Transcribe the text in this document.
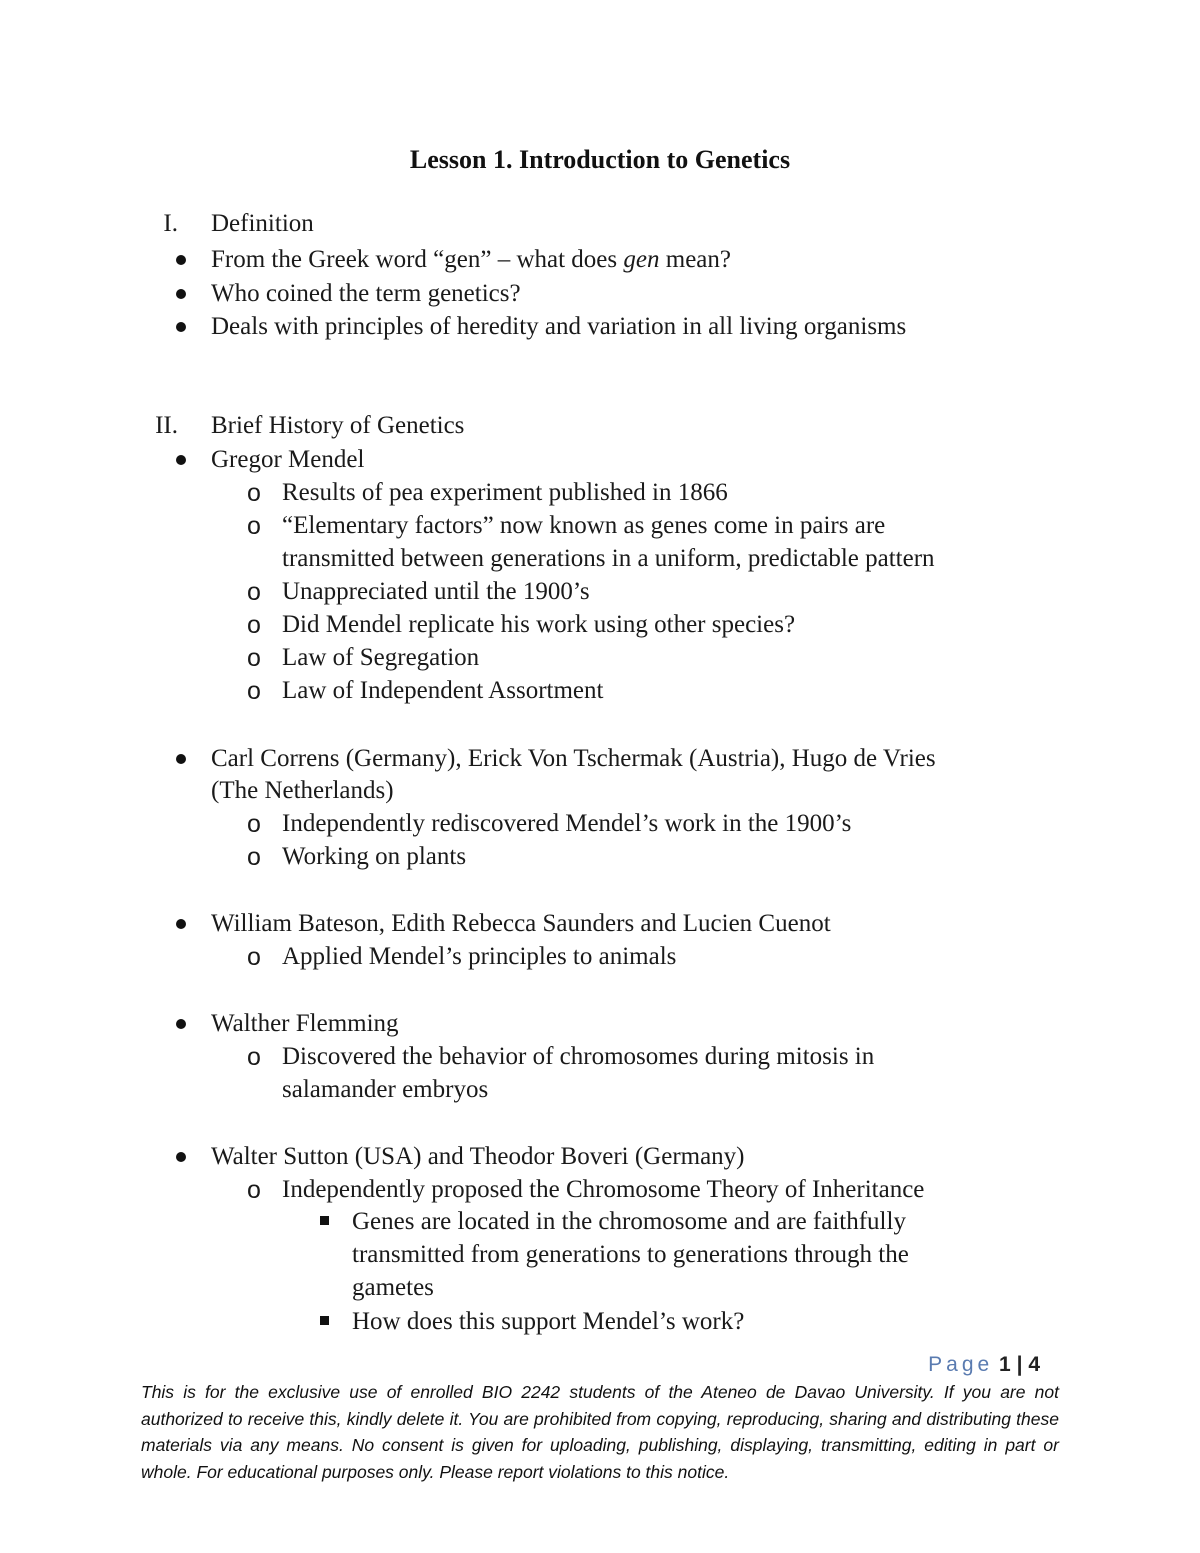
Lesson 1. Introduction to Genetics
I. Definition
From the Greek word “gen” – what does gen mean?
Who coined the term genetics?
Deals with principles of heredity and variation in all living organisms
II. Brief History of Genetics
Gregor Mendel
o Results of pea experiment published in 1866
o “Elementary factors” now known as genes come in pairs are
transmitted between generations in a uniform, predictable pattern
o Unappreciated until the 1900’s
o Did Mendel replicate his work using other species?
o Law of Segregation
o Law of Independent Assortment
Carl Correns (Germany), Erick Von Tschermak (Austria), Hugo de Vries
(The Netherlands)
o Independently rediscovered Mendel’s work in the 1900’s
o Working on plants
William Bateson, Edith Rebecca Saunders and Lucien Cuenot
o Applied Mendel’s principles to animals
Walther Flemming
o Discovered the behavior of chromosomes during mitosis in
salamander embryos
Walter Sutton (USA) and Theodor Boveri (Germany)
o Independently proposed the Chromosome Theory of Inheritance
Genes are located in the chromosome and are faithfully
transmitted from generations to generations through the
gametes
How does this support Mendel’s work?
Page 1 | 4
This is for the exclusive use of enrolled BIO 2242 students of the Ateneo de Davao University. If you are not authorized to receive this, kindly delete it. You are prohibited from copying, reproducing, sharing and distributing these materials via any means. No consent is given for uploading, publishing, displaying, transmitting, editing in part or whole. For educational purposes only. Please report violations to this notice.
